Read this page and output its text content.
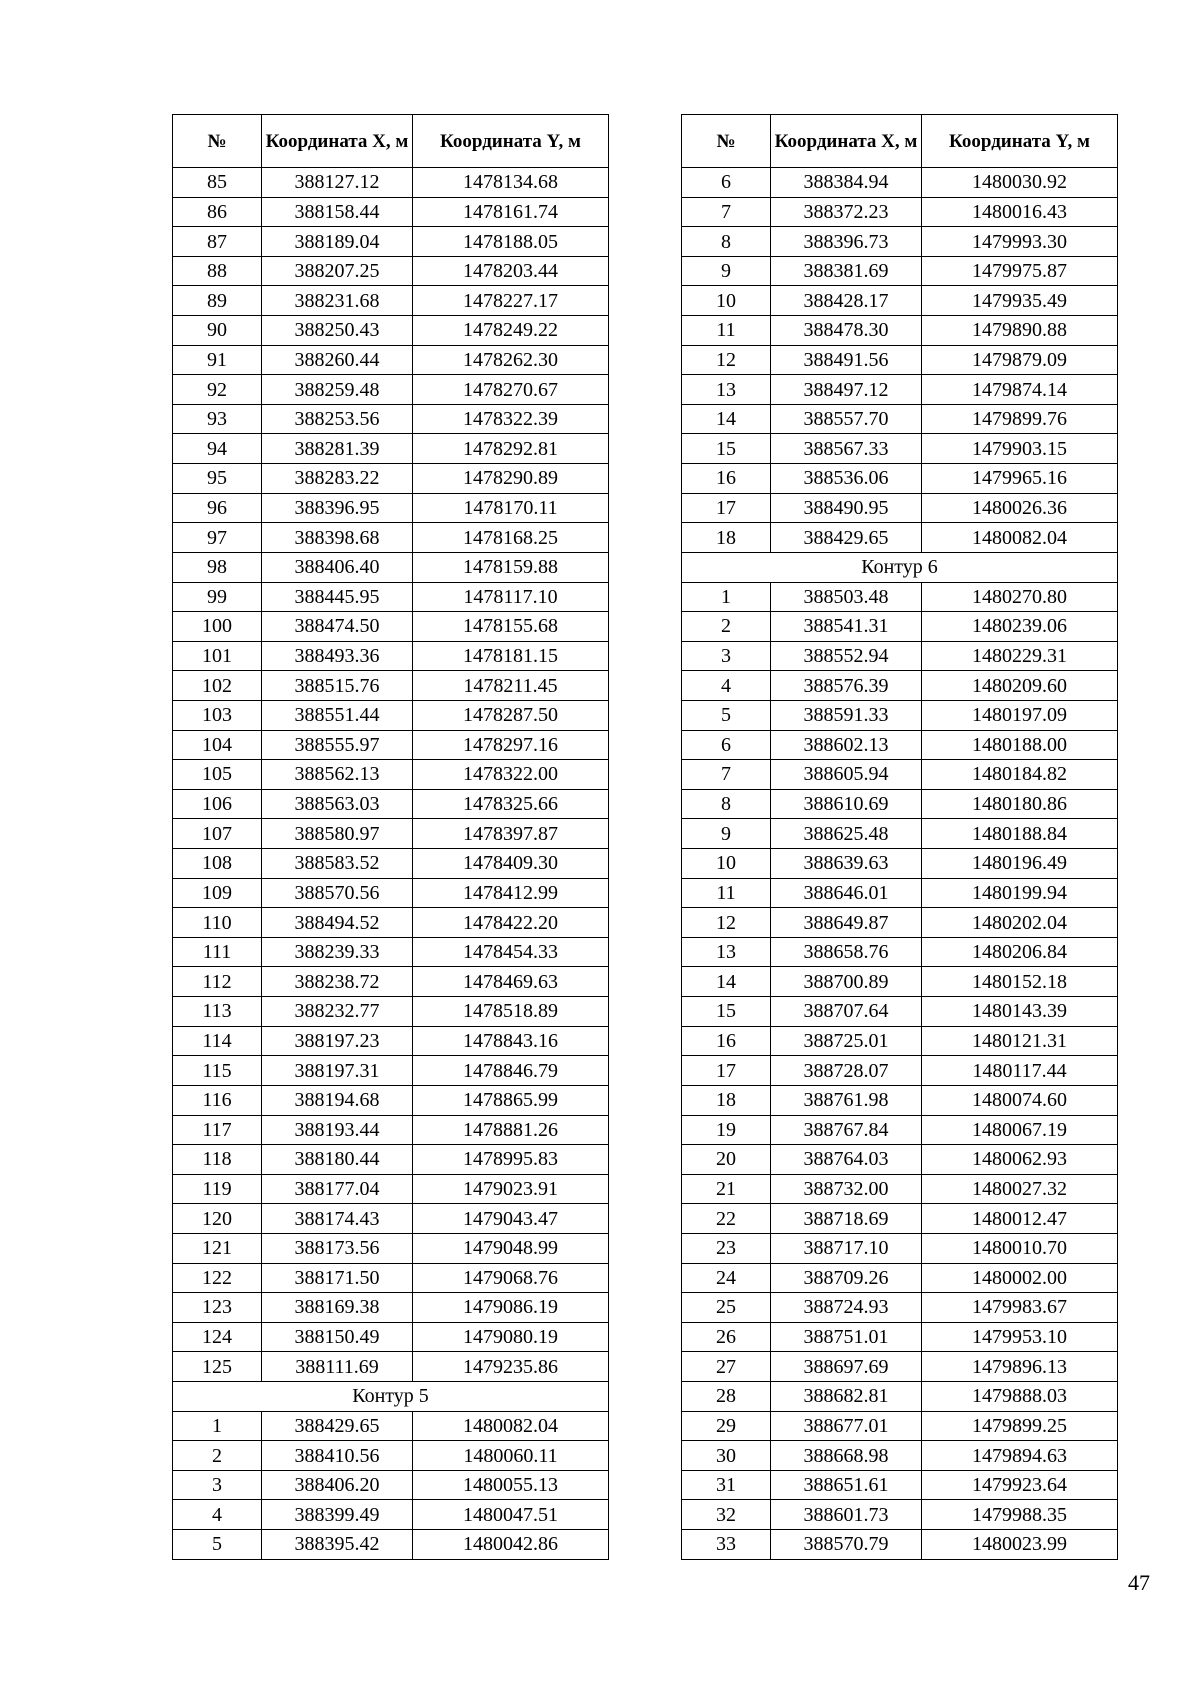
№	Координата X, м	Координата Y, м
85	388127.12	1478134.68
86	388158.44	1478161.74
87	388189.04	1478188.05
88	388207.25	1478203.44
89	388231.68	1478227.17
90	388250.43	1478249.22
91	388260.44	1478262.30
92	388259.48	1478270.67
93	388253.56	1478322.39
94	388281.39	1478292.81
95	388283.22	1478290.89
96	388396.95	1478170.11
97	388398.68	1478168.25
98	388406.40	1478159.88
99	388445.95	1478117.10
100	388474.50	1478155.68
101	388493.36	1478181.15
102	388515.76	1478211.45
103	388551.44	1478287.50
104	388555.97	1478297.16
105	388562.13	1478322.00
106	388563.03	1478325.66
107	388580.97	1478397.87
108	388583.52	1478409.30
109	388570.56	1478412.99
110	388494.52	1478422.20
111	388239.33	1478454.33
112	388238.72	1478469.63
113	388232.77	1478518.89
114	388197.23	1478843.16
115	388197.31	1478846.79
116	388194.68	1478865.99
117	388193.44	1478881.26
118	388180.44	1478995.83
119	388177.04	1479023.91
120	388174.43	1479043.47
121	388173.56	1479048.99
122	388171.50	1479068.76
123	388169.38	1479086.19
124	388150.49	1479080.19
125	388111.69	1479235.86
Контур 5		
1	388429.65	1480082.04
2	388410.56	1480060.11
3	388406.20	1480055.13
4	388399.49	1480047.51
5	388395.42	1480042.86
№	Координата X, м	Координата Y, м
6	388384.94	1480030.92
7	388372.23	1480016.43
8	388396.73	1479993.30
9	388381.69	1479975.87
10	388428.17	1479935.49
11	388478.30	1479890.88
12	388491.56	1479879.09
13	388497.12	1479874.14
14	388557.70	1479899.76
15	388567.33	1479903.15
16	388536.06	1479965.16
17	388490.95	1480026.36
18	388429.65	1480082.04
Контур 6		
1	388503.48	1480270.80
2	388541.31	1480239.06
3	388552.94	1480229.31
4	388576.39	1480209.60
5	388591.33	1480197.09
6	388602.13	1480188.00
7	388605.94	1480184.82
8	388610.69	1480180.86
9	388625.48	1480188.84
10	388639.63	1480196.49
11	388646.01	1480199.94
12	388649.87	1480202.04
13	388658.76	1480206.84
14	388700.89	1480152.18
15	388707.64	1480143.39
16	388725.01	1480121.31
17	388728.07	1480117.44
18	388761.98	1480074.60
19	388767.84	1480067.19
20	388764.03	1480062.93
21	388732.00	1480027.32
22	388718.69	1480012.47
23	388717.10	1480010.70
24	388709.26	1480002.00
25	388724.93	1479983.67
26	388751.01	1479953.10
27	388697.69	1479896.13
28	388682.81	1479888.03
29	388677.01	1479899.25
30	388668.98	1479894.63
31	388651.61	1479923.64
32	388601.73	1479988.35
33	388570.79	1480023.99
47
